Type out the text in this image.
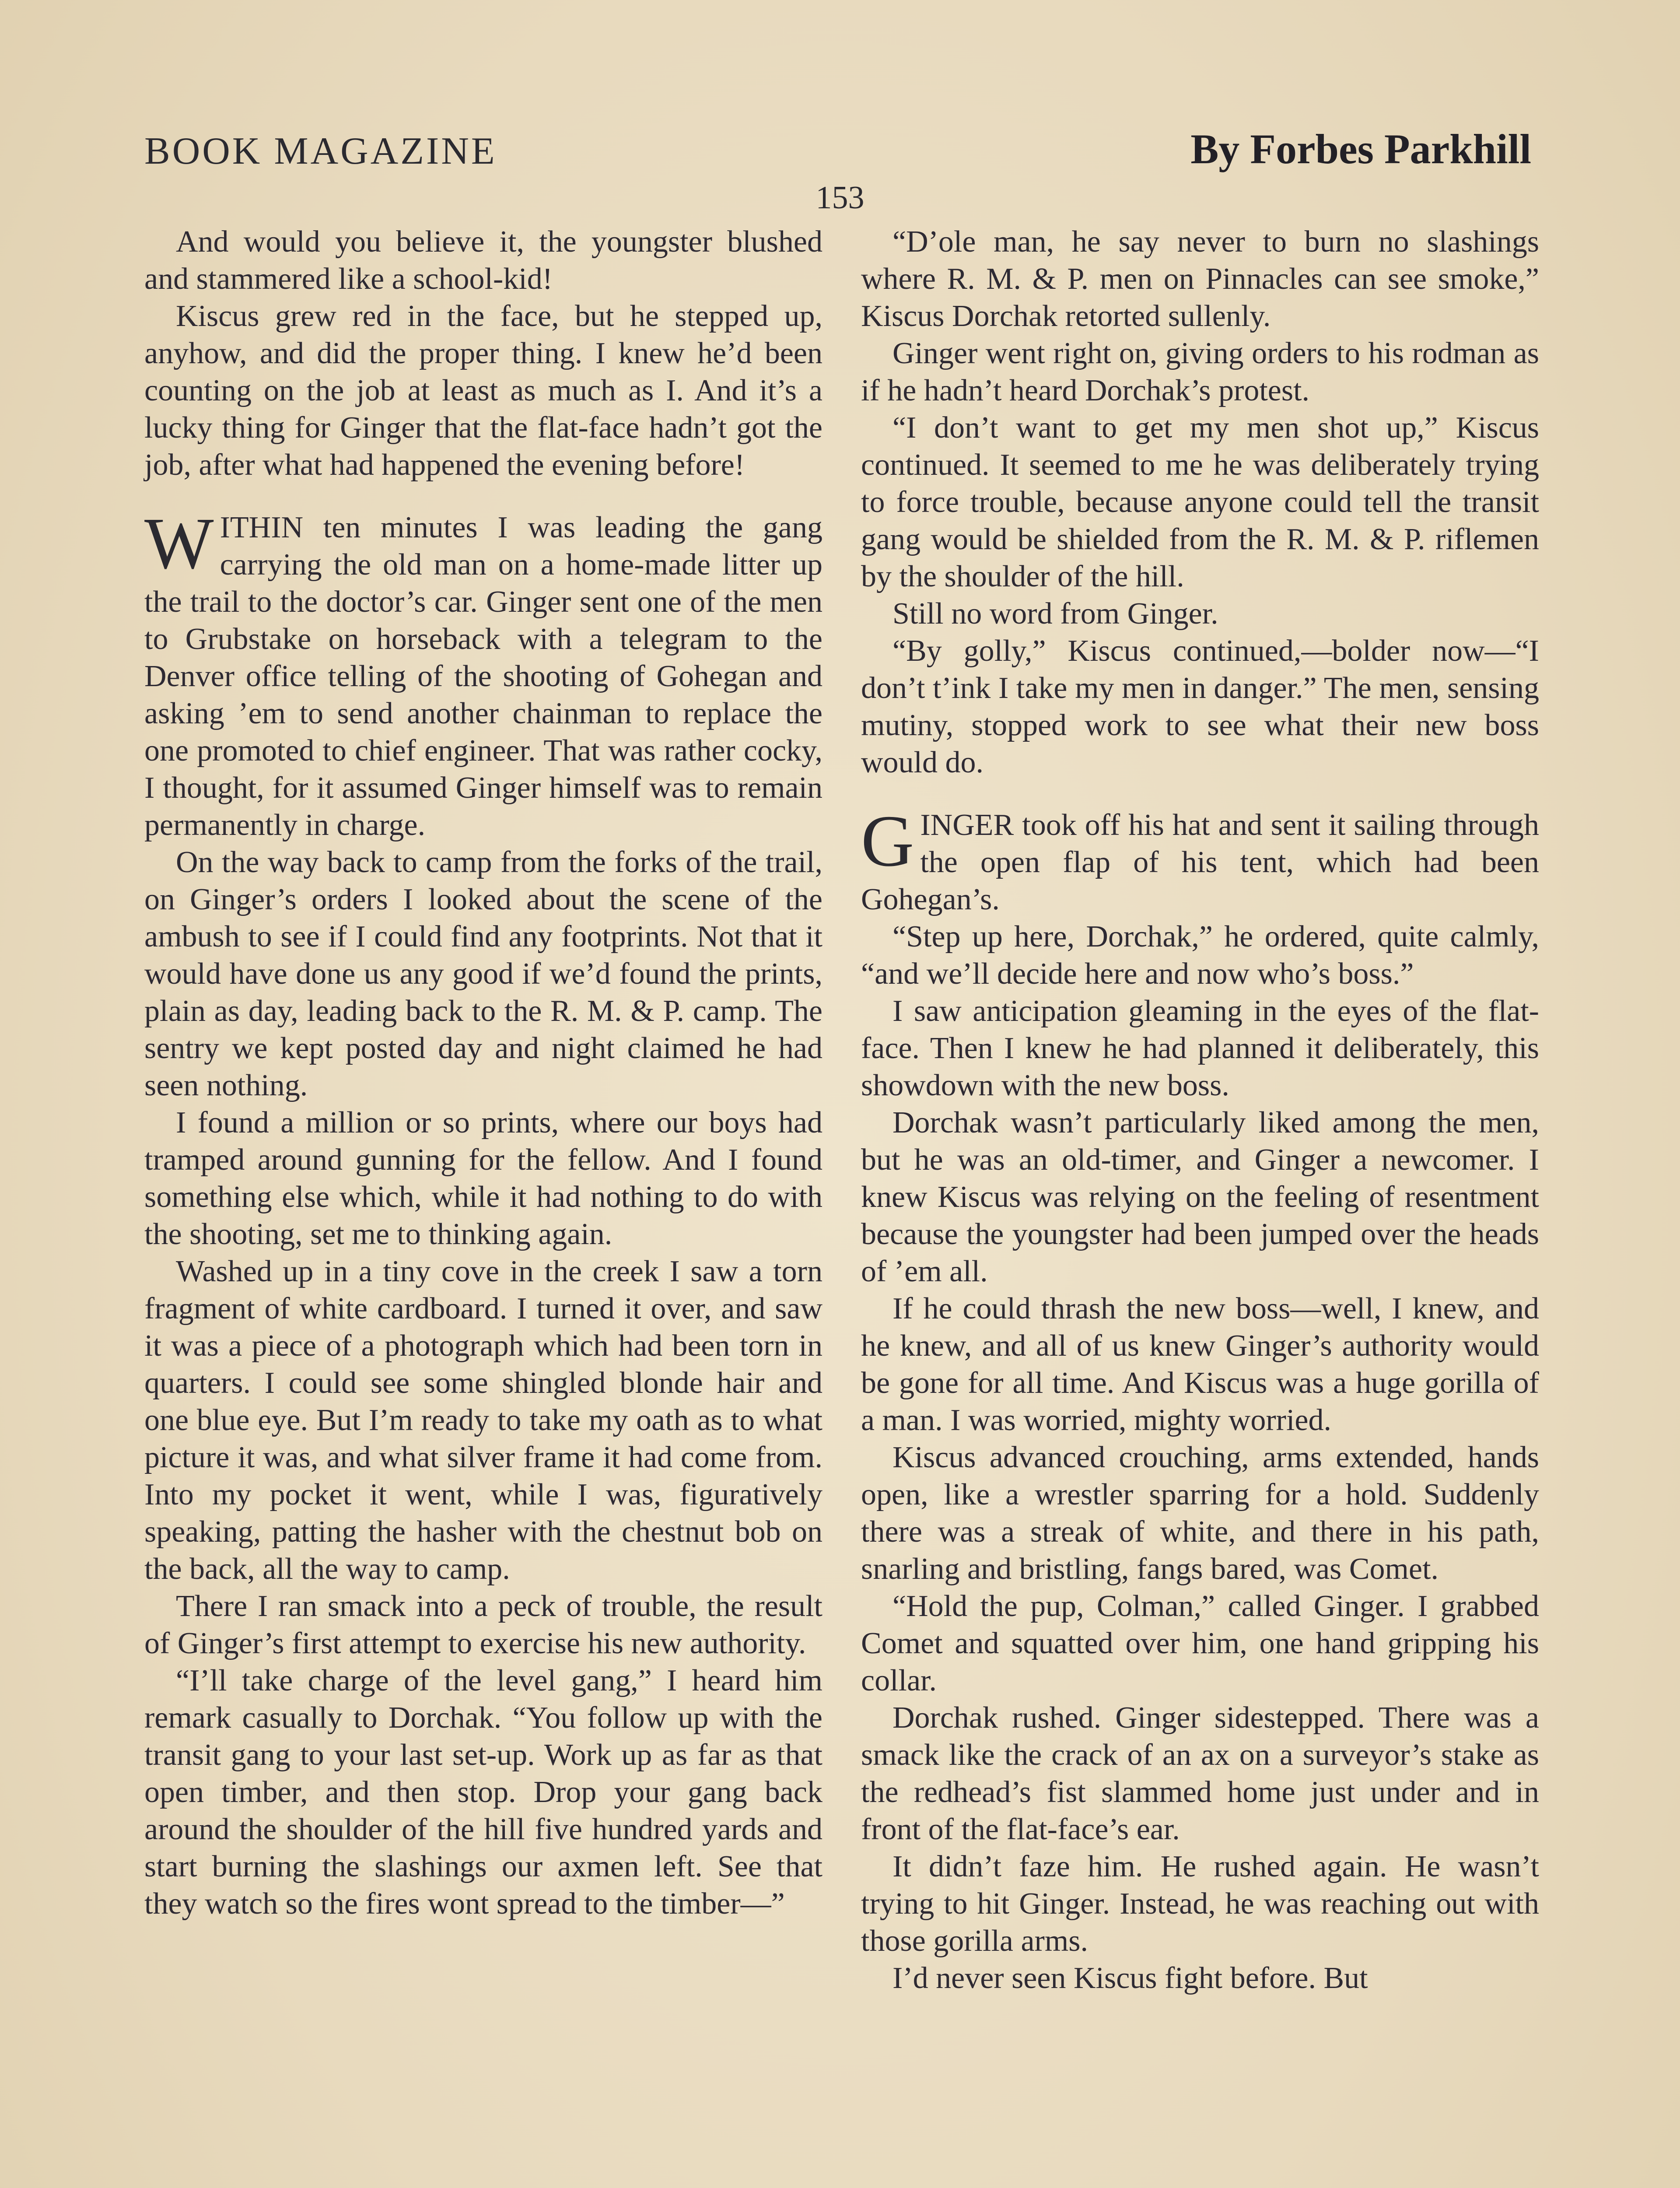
BOOK MAGAZINE	By Forbes Parkhill
153

And would you believe it, the youngster blushed and stammered like a school-kid!

Kiscus grew red in the face, but he stepped up, anyhow, and did the proper thing. I knew he’d been counting on the job at least as much as I. And it’s a lucky thing for Ginger that the flat-face hadn’t got the job, after what had happened the evening before!

WITHIN ten minutes I was leading the gang carrying the old man on a home-made litter up the trail to the doctor’s car. Ginger sent one of the men to Grubstake on horseback with a telegram to the Denver office telling of the shooting of Gohegan and asking ’em to send another chainman to replace the one promoted to chief engineer. That was rather cocky, I thought, for it assumed Ginger himself was to remain permanently in charge.

On the way back to camp from the forks of the trail, on Ginger’s orders I looked about the scene of the ambush to see if I could find any footprints. Not that it would have done us any good if we’d found the prints, plain as day, leading back to the R. M. & P. camp. The sentry we kept posted day and night claimed he had seen nothing.

I found a million or so prints, where our boys had tramped around gunning for the fellow. And I found something else which, while it had nothing to do with the shooting, set me to thinking again.

Washed up in a tiny cove in the creek I saw a torn fragment of white cardboard. I turned it over, and saw it was a piece of a photograph which had been torn in quarters. I could see some shingled blonde hair and one blue eye. But I’m ready to take my oath as to what picture it was, and what silver frame it had come from. Into my pocket it went, while I was, figuratively speaking, patting the hasher with the chestnut bob on the back, all the way to camp.

There I ran smack into a peck of trouble, the result of Ginger’s first attempt to exercise his new authority.

“I’ll take charge of the level gang,” I heard him remark casually to Dorchak. “You follow up with the transit gang to your last set-up. Work up as far as that open timber, and then stop. Drop your gang back around the shoulder of the hill five hundred yards and start burning the slashings our axmen left. See that they watch so the fires wont spread to the timber—”

“D’ole man, he say never to burn no slashings where R. M. & P. men on Pinnacles can see smoke,” Kiscus Dorchak retorted sullenly.

Ginger went right on, giving orders to his rodman as if he hadn’t heard Dorchak’s protest.

“I don’t want to get my men shot up,” Kiscus continued. It seemed to me he was deliberately trying to force trouble, because anyone could tell the transit gang would be shielded from the R. M. & P. riflemen by the shoulder of the hill.

Still no word from Ginger.

“By golly,” Kiscus continued,—bolder now—“I don’t t’ink I take my men in danger.” The men, sensing mutiny, stopped work to see what their new boss would do.

GINGER took off his hat and sent it sailing through the open flap of his tent, which had been Gohegan’s.

“Step up here, Dorchak,” he ordered, quite calmly, “and we’ll decide here and now who’s boss.”

I saw anticipation gleaming in the eyes of the flat-face. Then I knew he had planned it deliberately, this showdown with the new boss.

Dorchak wasn’t particularly liked among the men, but he was an old-timer, and Ginger a newcomer. I knew Kiscus was relying on the feeling of resentment because the youngster had been jumped over the heads of ’em all.

If he could thrash the new boss—well, I knew, and he knew, and all of us knew Ginger’s authority would be gone for all time. And Kiscus was a huge gorilla of a man. I was worried, mighty worried.

Kiscus advanced crouching, arms extended, hands open, like a wrestler sparring for a hold. Suddenly there was a streak of white, and there in his path, snarling and bristling, fangs bared, was Comet.

“Hold the pup, Colman,” called Ginger. I grabbed Comet and squatted over him, one hand gripping his collar.

Dorchak rushed. Ginger sidestepped. There was a smack like the crack of an ax on a surveyor’s stake as the redhead’s fist slammed home just under and in front of the flat-face’s ear.

It didn’t faze him. He rushed again. He wasn’t trying to hit Ginger. Instead, he was reaching out with those gorilla arms.

I’d never seen Kiscus fight before. But
